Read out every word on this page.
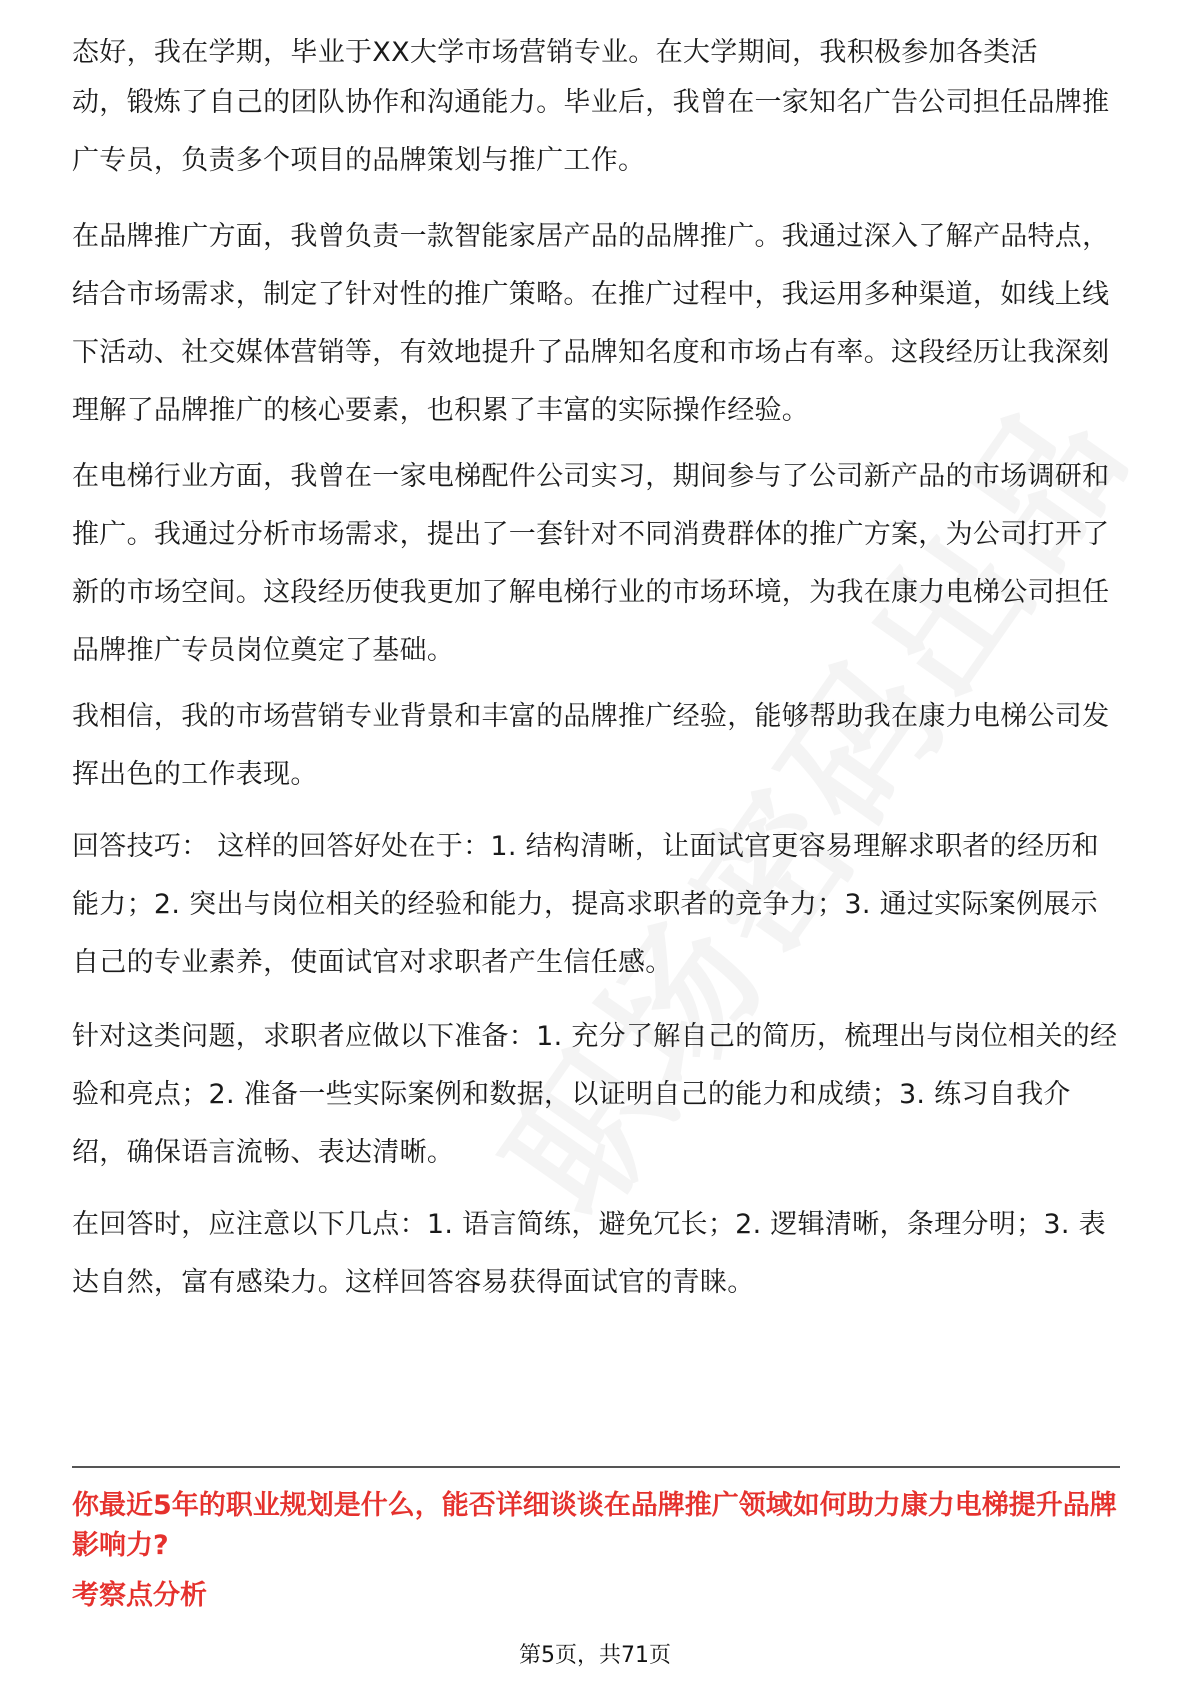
态好，我在学期，毕业于XX大学市场营销专业。在大学期间，我积极参加各类活

动，锻炼了自己的团队协作和沟通能力。毕业后，我曾在一家知名广告公司担任品牌推广专员，负责多个项目的品牌策划与推广工作。

在品牌推广方面，我曾负责一款智能家居产品的品牌推广。我通过深入了解产品特点，结合市场需求，制定了针对性的推广策略。在推广过程中，我运用多种渠道，如线上线下活动、社交媒体营销等，有效地提升了品牌知名度和市场占有率。这段经历让我深刻理解了品牌推广的核心要素，也积累了丰富的实际操作经验。

在电梯行业方面，我曾在一家电梯配件公司实习，期间参与了公司新产品的市场调研和推广。我通过分析市场需求，提出了一套针对不同消费群体的推广方案，为公司打开了新的市场空间。这段经历使我更加了解电梯行业的市场环境，为我在康力电梯公司担任品牌推广专员岗位奠定了基础。

我相信，我的市场营销专业背景和丰富的品牌推广经验，能够帮助我在康力电梯公司发挥出色的工作表现。

回答技巧： 这样的回答好处在于：1. 结构清晰，让面试官更容易理解求职者的经历和能力；2. 突出与岗位相关的经验和能力，提高求职者的竞争力；3. 通过实际案例展示自己的专业素养，使面试官对求职者产生信任感。

针对这类问题，求职者应做以下准备：1. 充分了解自己的简历，梳理出与岗位相关的经验和亮点；2. 准备一些实际案例和数据，以证明自己的能力和成绩；3. 练习自我介绍，确保语言流畅、表达清晰。

在回答时，应注意以下几点：1. 语言简练，避免冗长；2. 逻辑清晰，条理分明；3. 表达自然，富有感染力。这样回答容易获得面试官的青睐。

你最近5年的职业规划是什么，能否详细谈谈在品牌推广领域如何助力康力电梯提升品牌影响力?

考察点分析

第5页，共71页
